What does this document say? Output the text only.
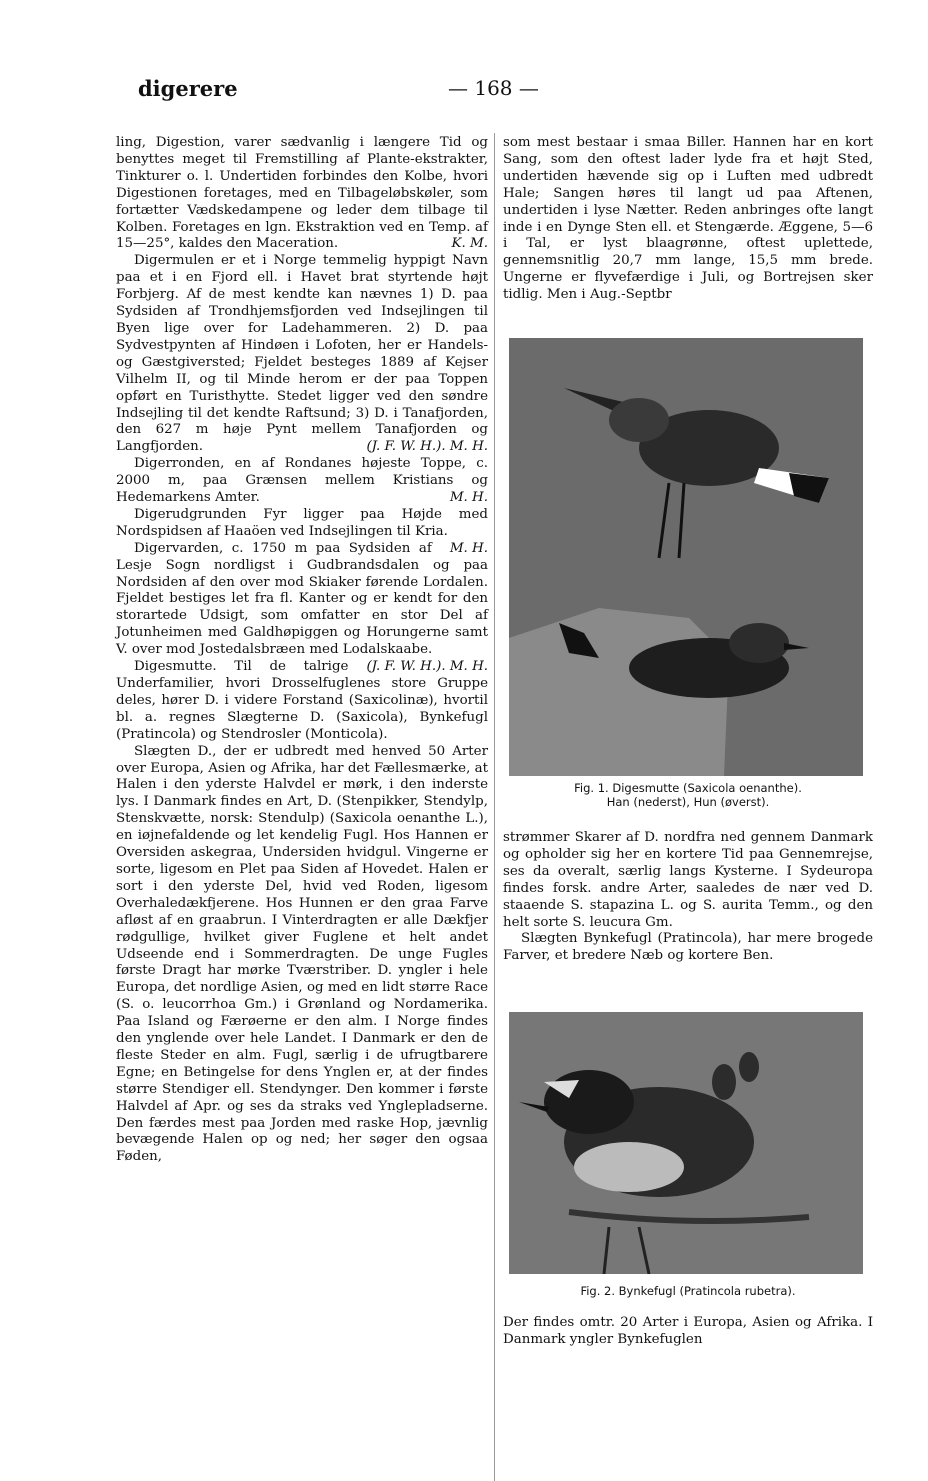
digerere	— 168 —

ling, Digestion, varer sædvanlig i længere Tid og benyttes meget til Fremstilling af Plante-ekstrakter, Tinkturer o. l. Undertiden forbindes den Kolbe, hvori Digestionen foretages, med en Tilbageløbskøler, som fortætter Vædskedampene og leder dem tilbage til Kolben. Foretages en lgn. Ekstraktion ved en Temp. af 15—25°, kaldes den Maceration.	K. M.

Digermulen er et i Norge temmelig hyppigt Navn paa et i en Fjord ell. i Havet brat styrtende højt Forbjerg. Af de mest kendte kan nævnes 1) D. paa Sydsiden af Trondhjemsfjorden ved Indsejlingen til Byen lige over for Ladehammeren. 2) D. paa Sydvestpynten af Hindøen i Lofoten, her er Handels- og Gæstgiversted; Fjeldet besteges 1889 af Kejser Vilhelm II, og til Minde herom er der paa Toppen opført en Turisthytte. Stedet ligger ved den søndre Indsejling til det kendte Raftsund; 3) D. i Tanafjorden, den 627 m høje Pynt mellem Tanafjorden og Langfjorden.	(J. F. W. H.). M. H.

Digerronden, en af Rondanes højeste Toppe, c. 2000 m, paa Grænsen mellem Kristians og Hedemarkens Amter.	M. H.

Digerudgrunden Fyr ligger paa Højde med Nordspidsen af Haaöen ved Indsejlingen til Kria.
M. H.

Digervarden, c. 1750 m paa Sydsiden af Lesje Sogn nordligst i Gudbrandsdalen og paa Nordsiden af den over mod Skiaker førende Lordalen. Fjeldet bestiges let fra fl. Kanter og er kendt for den storartede Udsigt, som omfatter en stor Del af Jotunheimen med Galdhøpiggen og Horungerne samt V. over mod Jostedalsbræen med Lodalskaabe.
(J. F. W. H.). M. H.

Digesmutte. Til de talrige Underfamilier, hvori Drosselfuglenes store Gruppe deles, hører D. i videre Forstand (Saxicolinæ), hvortil bl. a. regnes Slægterne D. (Saxicola), Bynkefugl (Pratincola) og Stendrosler (Monticola).

Slægten D., der er udbredt med henved 50 Arter over Europa, Asien og Afrika, har det Fællesmærke, at Halen i den yderste Halvdel er mørk, i den inderste lys. I Danmark findes en Art, D. (Stenpikker, Stendylp, Stenskvætte, norsk: Stendulp) (Saxicola oenanthe L.), en iøjnefaldende og let kendelig Fugl. Hos Hannen er Oversiden askegraa, Undersiden hvidgul. Vingerne er sorte, ligesom en Plet paa Siden af Hovedet. Halen er sort i den yderste Del, hvid ved Roden, ligesom Overhaledækfjerene. Hos Hunnen er den graa Farve afløst af en graabrun. I Vinterdragten er alle Dækfjer rødgullige, hvilket giver Fuglene et helt andet Udseende end i Sommerdragten. De unge Fugles første Dragt har mørke Tværstriber. D. yngler i hele Europa, det nordlige Asien, og med en lidt større Race (S. o. leucorrhoa Gm.) i Grønland og Nordamerika. Paa Island og Færøerne er den alm. I Norge findes den ynglende over hele Landet. I Danmark er den de fleste Steder en alm. Fugl, særlig i de ufrugtbarere Egne; en Betingelse for dens Ynglen er, at der findes større Stendiger ell. Stendynger. Den kommer i første Halvdel af Apr. og ses da straks ved Ynglepladserne. Den færdes mest paa Jorden med raske Hop, jævnlig bevægende Halen op og ned; her søger den ogsaa Føden,

som mest bestaar i smaa Biller. Hannen har en kort Sang, som den oftest lader lyde fra et højt Sted, undertiden hævende sig op i Luften med udbredt Hale; Sangen høres til langt ud paa Aftenen, undertiden i lyse Nætter. Reden anbringes ofte langt inde i en Dynge Sten ell. et Stengærde. Æggene, 5—6 i Tal, er lyst blaagrønne, oftest uplettede, gennemsnitlig 20,7 mm lange, 15,5 mm brede. Ungerne er flyvefærdige i Juli, og Bortrejsen sker tidlig. Men i Aug.-Septbr

Fig. 1. Digesmutte (Saxicola oenanthe).
Han (nederst), Hun (øverst).

strømmer Skarer af D. nordfra ned gennem Danmark og opholder sig her en kortere Tid paa Gennemrejse, ses da overalt, særlig langs Kysterne. I Sydeuropa findes forsk. andre Arter, saaledes de nær ved D. staaende S. stapazina L. og S. aurita Temm., og den helt sorte S. leucura Gm.

Slægten Bynkefugl (Pratincola), har mere brogede Farver, et bredere Næb og kortere Ben.

Fig. 2. Bynkefugl (Pratincola rubetra).

Der findes omtr. 20 Arter i Europa, Asien og Afrika. I Danmark yngler Bynkefuglen
